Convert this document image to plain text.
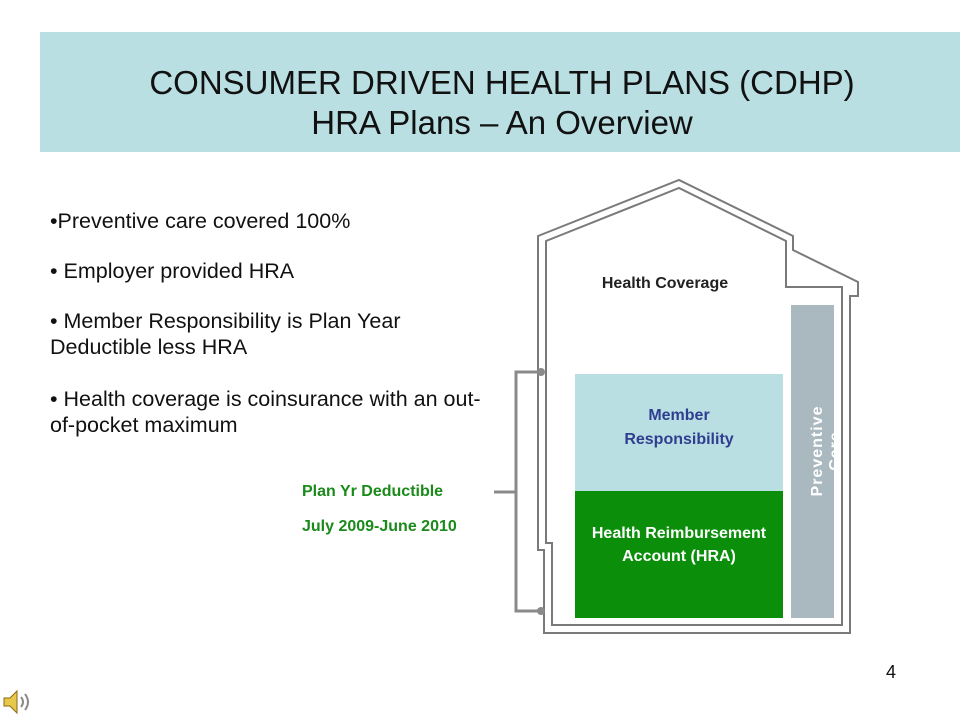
CONSUMER DRIVEN HEALTH PLANS (CDHP)
HRA Plans – An Overview
•Preventive care covered 100%
• Employer provided HRA
• Member Responsibility is Plan Year Deductible less HRA
• Health coverage is coinsurance with an out-of-pocket maximum
Health Coverage
Member Responsibility
Health Reimbursement Account (HRA)
Preventive Care
Plan Yr Deductible
July 2009-June 2010
4
